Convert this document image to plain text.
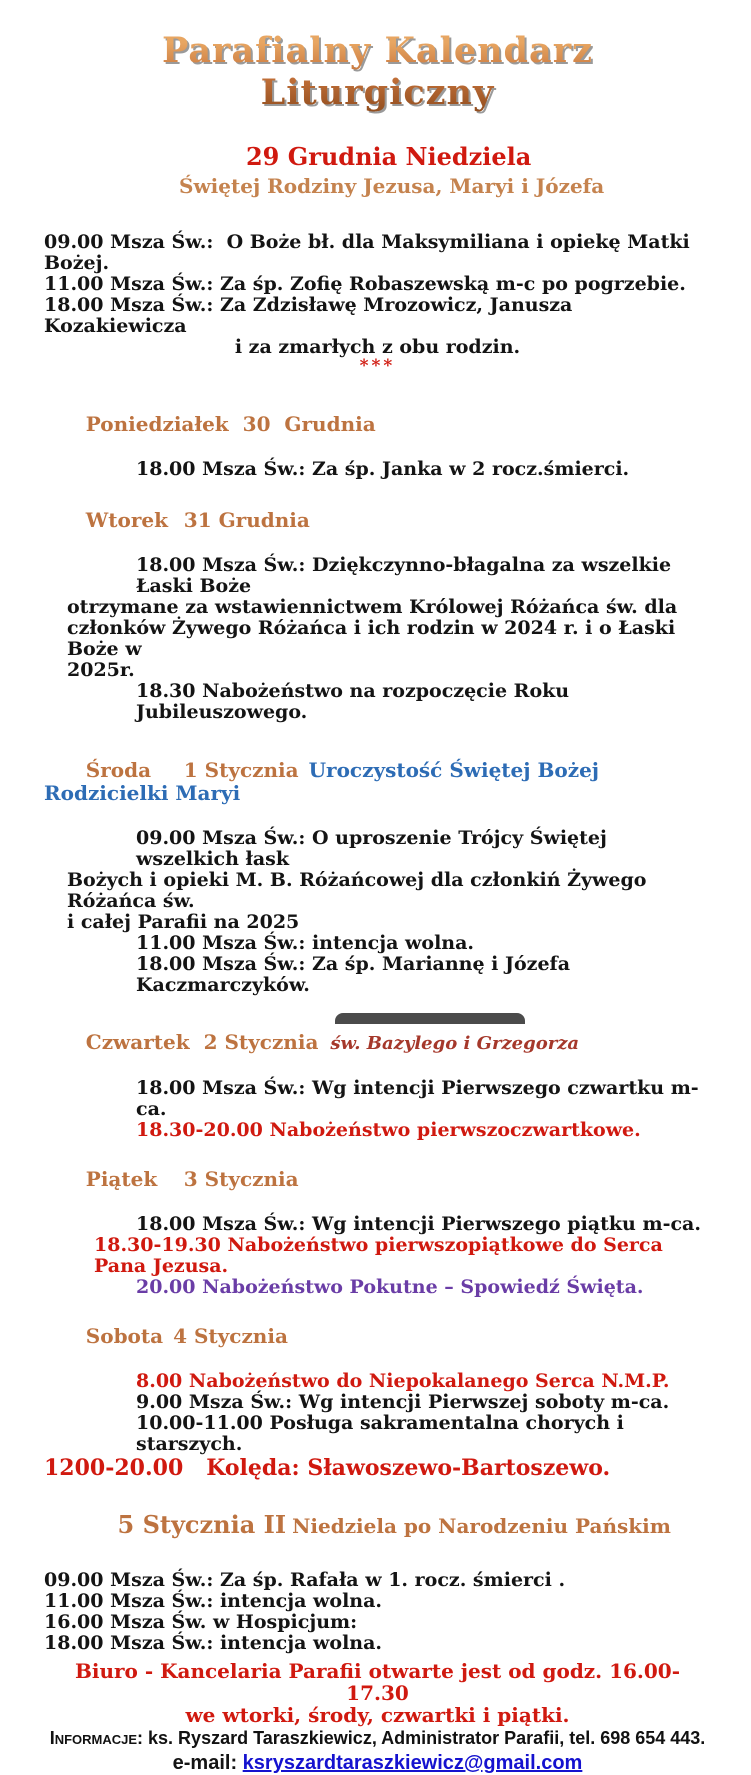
Parafialny Kalendarz Liturgiczny

29 Grudnia Niedziela
Świętej Rodziny Jezusa, Maryi i Józefa

09.00 Msza Św.:  O Boże bł. dla Maksymiliana i opiekę Matki Bożej.
11.00 Msza Św.: Za śp. Zofię Robaszewską m-c po pogrzebie.
18.00 Msza Św.: Za Zdzisławę Mrozowicz, Janusza Kozakiewicza
i za zmarłych z obu rodzin.
***

Poniedziałek 30  Grudnia

18.00 Msza Św.: Za śp. Janka w 2 rocz.śmierci.

Wtorek 31 Grudnia

18.00 Msza Św.: Dziękczynno-błagalna za wszelkie Łaski Boże
otrzymane za wstawiennictwem Królowej Różańca św. dla
członków Żywego Różańca i ich rodzin w 2024 r. i o Łaski Boże w
2025r.
18.30 Nabożeństwo na rozpoczęcie Roku Jubileuszowego.

Środa 1 Stycznia Uroczystość Świętej Bożej Rodzicielki Maryi

09.00 Msza Św.: O uproszenie Trójcy Świętej wszelkich łask
Bożych i opieki M. B. Różańcowej dla członkiń Żywego Różańca św.
i całej Parafii na 2025
11.00 Msza Św.: intencja wolna.
18.00 Msza Św.: Za śp. Mariannę i Józefa Kaczmarczyków.

Czwartek 2 Stycznia św. Bazylego i Grzegorza

18.00 Msza Św.: Wg intencji Pierwszego czwartku m-ca.
18.30-20.00 Nabożeństwo pierwszoczwartkowe.

Piątek 3 Stycznia

18.00 Msza Św.: Wg intencji Pierwszego piątku m-ca.
18.30-19.30 Nabożeństwo pierwszopiątkowe do Serca Pana Jezusa.
20.00 Nabożeństwo Pokutne – Spowiedź Święta.

Sobota 4 Stycznia

8.00 Nabożeństwo do Niepokalanego Serca N.M.P.
9.00 Msza Św.: Wg intencji Pierwszej soboty m-ca.
10.00-11.00 Posługa sakramentalna chorych i starszych.
1200-20.00   Kolęda: Sławoszewo-Bartoszewo.

5 Stycznia II Niedziela po Narodzeniu Pańskim

09.00 Msza Św.: Za śp. Rafała w 1. rocz. śmierci .
11.00 Msza Św.: intencja wolna.
16.00 Msza Św. w Hospicjum:
18.00 Msza Św.: intencja wolna.
Biuro - Kancelaria Parafii otwarte jest od godz. 16.00-17.30
we wtorki, środy, czwartki i piątki.
Informacje: ks. Ryszard Taraszkiewicz, Administrator Parafii, tel. 698 654 443.
e-mail: ksryszardtaraszkiewicz@gmail.com
